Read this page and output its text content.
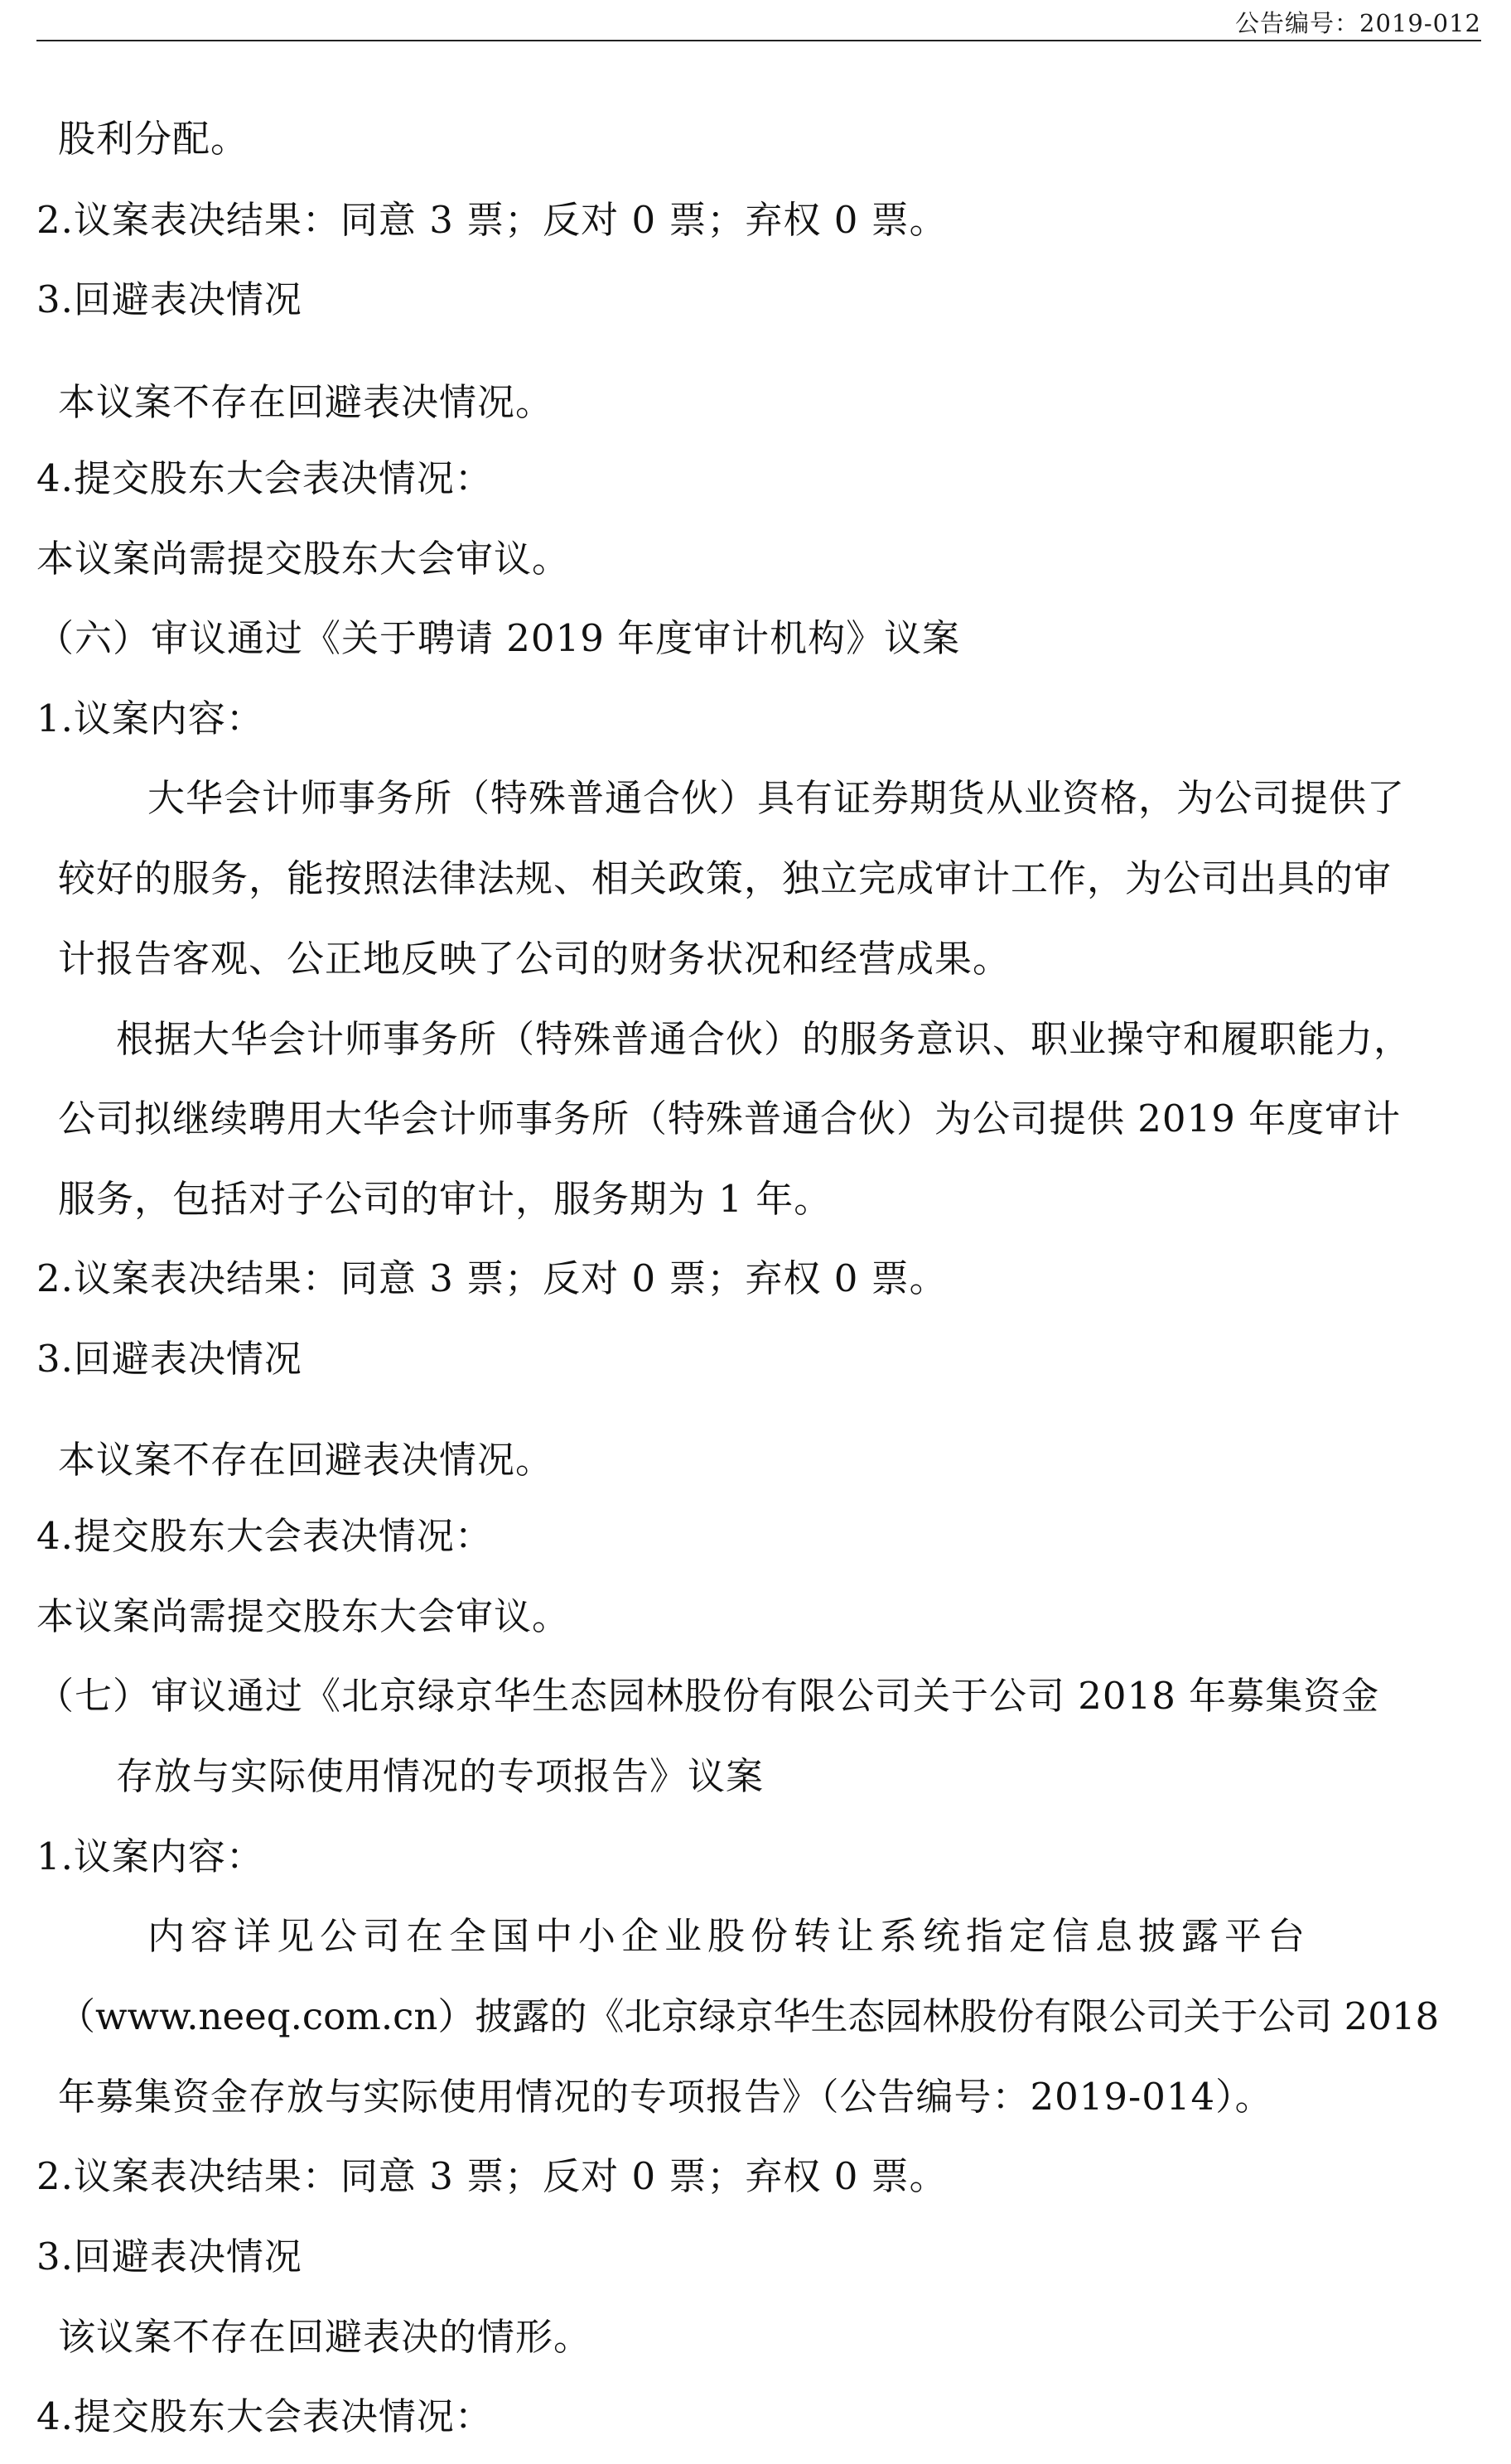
公告编号：2019-012
股利分配。
2.议案表决结果：同意 3 票；反对 0 票；弃权 0 票。
3.回避表决情况
本议案不存在回避表决情况。
4.提交股东大会表决情况：
本议案尚需提交股东大会审议。
（六）审议通过《关于聘请 2019 年度审计机构》议案
1.议案内容：
大华会计师事务所（特殊普通合伙）具有证券期货从业资格，为公司提供了
较好的服务，能按照法律法规、相关政策，独立完成审计工作，为公司出具的审
计报告客观、公正地反映了公司的财务状况和经营成果。
根据大华会计师事务所（特殊普通合伙）的服务意识、职业操守和履职能力，
公司拟继续聘用大华会计师事务所（特殊普通合伙）为公司提供 2019 年度审计
服务，包括对子公司的审计，服务期为 1 年。
2.议案表决结果：同意 3 票；反对 0 票；弃权 0 票。
3.回避表决情况
本议案不存在回避表决情况。
4.提交股东大会表决情况：
本议案尚需提交股东大会审议。
（七）审议通过《北京绿京华生态园林股份有限公司关于公司 2018 年募集资金
存放与实际使用情况的专项报告》议案
1.议案内容：
内容详见公司在全国中小企业股份转让系统指定信息披露平台
（www.neeq.com.cn）披露的《北京绿京华生态园林股份有限公司关于公司 2018
年募集资金存放与实际使用情况的专项报告》（公告编号：2019-014）。
2.议案表决结果：同意 3 票；反对 0 票；弃权 0 票。
3.回避表决情况
该议案不存在回避表决的情形。
4.提交股东大会表决情况：
